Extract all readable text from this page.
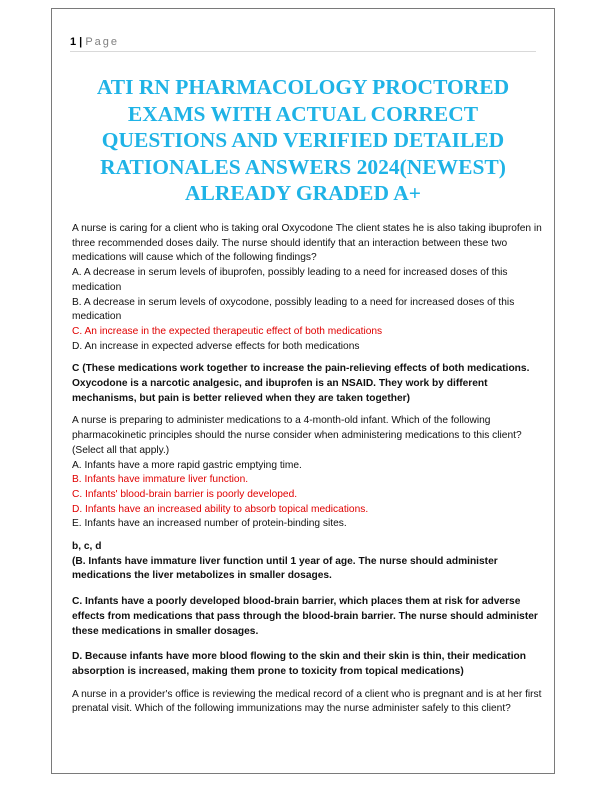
1 | Page
ATI RN PHARMACOLOGY PROCTORED EXAMS WITH ACTUAL CORRECT QUESTIONS AND VERIFIED DETAILED RATIONALES ANSWERS 2024(NEWEST) ALREADY GRADED A+

A nurse is caring for a client who is taking oral Oxycodone The client states he is also taking ibuprofen in three recommended doses daily. The nurse should identify that an interaction between these two medications will cause which of the following findings?

A. A decrease in serum levels of ibuprofen, possibly leading to a need for increased doses of this medication

B. A decrease in serum levels of oxycodone, possibly leading to a need for increased doses of this medication

C. An increase in the expected therapeutic effect of both medications

D. An increase in expected adverse effects for both medications

C (These medications work together to increase the pain-relieving effects of both medications. Oxycodone is a narcotic analgesic, and ibuprofen is an NSAID. They work by different mechanisms, but pain is better relieved when they are taken together)

A nurse is preparing to administer medications to a 4-month-old infant. Which of the following pharmacokinetic principles should the nurse consider when administering medications to this client? (Select all that apply.)

A. Infants have a more rapid gastric emptying time.

B. Infants have immature liver function.

C. Infants' blood-brain barrier is poorly developed.

D. Infants have an increased ability to absorb topical medications.

E. Infants have an increased number of protein-binding sites.

b, c, d

(B. Infants have immature liver function until 1 year of age. The nurse should administer medications the liver metabolizes in smaller dosages.

C. Infants have a poorly developed blood-brain barrier, which places them at risk for adverse effects from medications that pass through the blood-brain barrier. The nurse should administer these medications in smaller dosages.

D. Because infants have more blood flowing to the skin and their skin is thin, their medication absorption is increased, making them prone to toxicity from topical medications)

A nurse in a provider's office is reviewing the medical record of a client who is pregnant and is at her first prenatal visit. Which of the following immunizations may the nurse administer safely to this client?
